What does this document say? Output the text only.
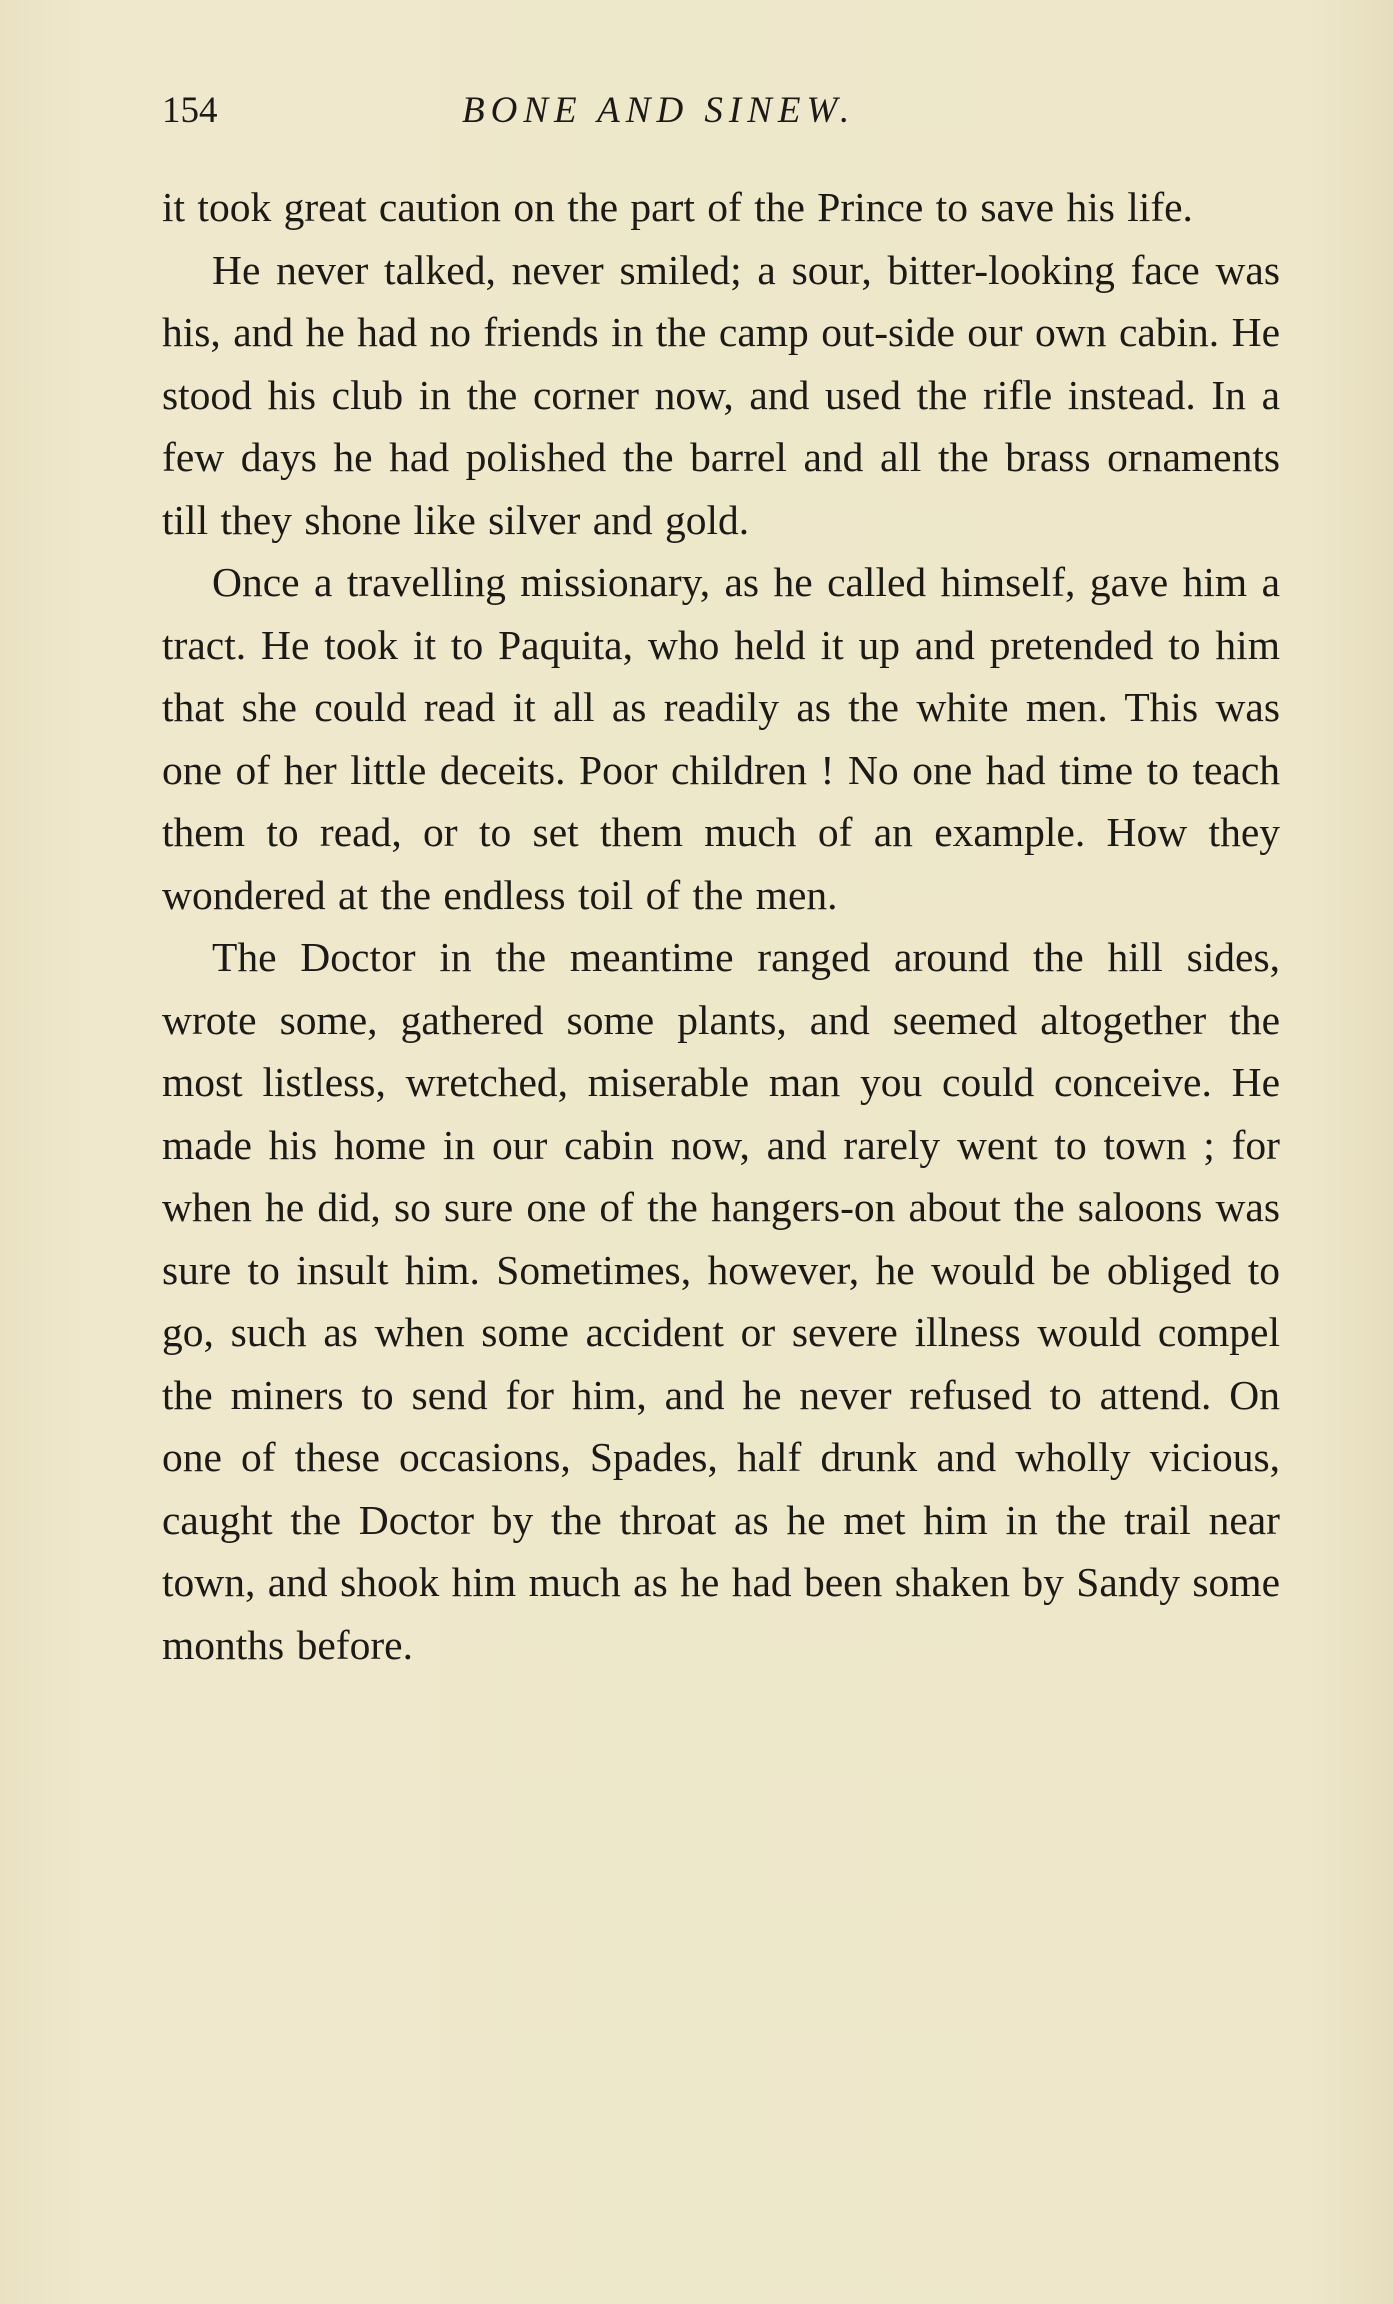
154	BONE AND SINEW.

it took great caution on the part of the Prince to save his life.

He never talked, never smiled; a sour, bitter-looking face was his, and he had no friends in the camp out-side our own cabin. He stood his club in the corner now, and used the rifle instead. In a few days he had polished the barrel and all the brass ornaments till they shone like silver and gold.

Once a travelling missionary, as he called himself, gave him a tract. He took it to Paquita, who held it up and pretended to him that she could read it all as readily as the white men. This was one of her little deceits. Poor children ! No one had time to teach them to read, or to set them much of an example. How they wondered at the endless toil of the men.

The Doctor in the meantime ranged around the hill sides, wrote some, gathered some plants, and seemed altogether the most listless, wretched, miserable man you could conceive. He made his home in our cabin now, and rarely went to town ; for when he did, so sure one of the hangers-on about the saloons was sure to insult him. Sometimes, however, he would be obliged to go, such as when some accident or severe illness would compel the miners to send for him, and he never refused to attend. On one of these occasions, Spades, half drunk and wholly vicious, caught the Doctor by the throat as he met him in the trail near town, and shook him much as he had been shaken by Sandy some months before.
